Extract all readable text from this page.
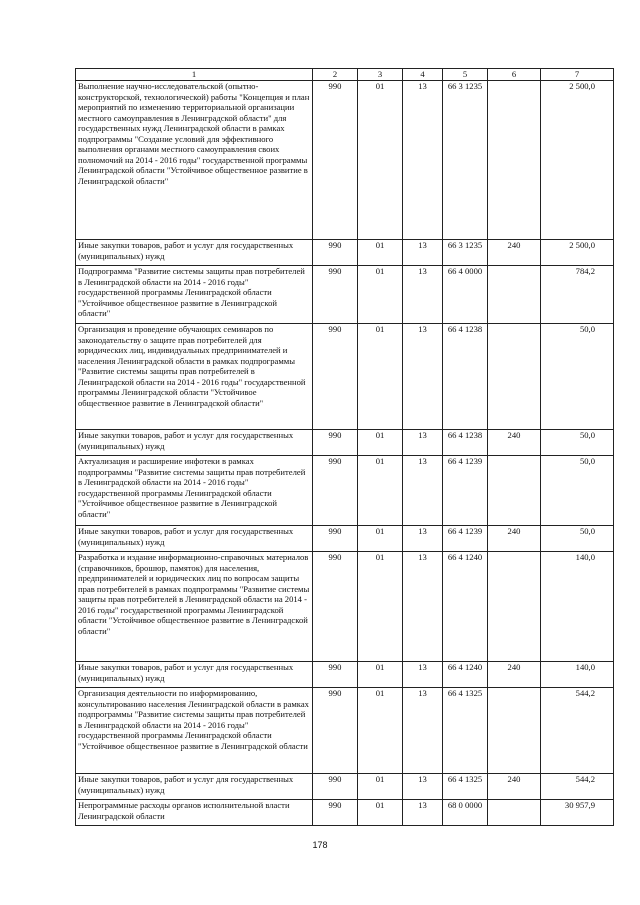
1	2	3	4	5	6	7
Выполнение научно-исследовательской (опытно-конструкторской, технологической) работы "Концепция и план мероприятий по изменению территориальной организации местного самоуправления в Ленинградской области" для государственных нужд Ленинградской области в рамках подпрограммы "Создание условий для эффективного выполнения органами местного самоуправления своих полномочий на 2014 - 2016 годы" государственной программы Ленинградской области "Устойчивое общественное развитие в Ленинградской области"	990	01	13	66 3 1235		2 500,0
Иные закупки товаров, работ и услуг для государственных (муниципальных) нужд	990	01	13	66 3 1235	240	2 500,0
Подпрограмма "Развитие системы защиты прав потребителей в Ленинградской области на 2014 - 2016 годы" государственной программы Ленинградской области "Устойчивое общественное развитие в Ленинградской области"	990	01	13	66 4 0000		784,2
Организация и проведение обучающих семинаров по законодательству о защите прав потребителей для юридических лиц, индивидуальных предпринимателей и населения Ленинградской области в рамках подпрограммы "Развитие системы защиты прав потребителей в Ленинградской области на 2014 - 2016 годы" государственной программы Ленинградской области "Устойчивое общественное развитие в Ленинградской области"	990	01	13	66 4 1238		50,0
Иные закупки товаров, работ и услуг для государственных (муниципальных) нужд	990	01	13	66 4 1238	240	50,0
Актуализация и расширение инфотеки в рамках подпрограммы "Развитие системы защиты прав потребителей в Ленинградской области на 2014 - 2016 годы" государственной программы Ленинградской области "Устойчивое общественное развитие в Ленинградской области"	990	01	13	66 4 1239		50,0
Иные закупки товаров, работ и услуг для государственных (муниципальных) нужд	990	01	13	66 4 1239	240	50,0
Разработка и издание информационно-справочных материалов (справочников, брошюр, памяток) для населения, предпринимателей и юридических лиц по вопросам защиты прав потребителей в рамках подпрограммы "Развитие системы защиты прав потребителей в Ленинградской области на 2014 - 2016 годы" государственной программы Ленинградской области "Устойчивое общественное развитие в Ленинградской области"	990	01	13	66 4 1240		140,0
Иные закупки товаров, работ и услуг для государственных (муниципальных) нужд	990	01	13	66 4 1240	240	140,0
Организация деятельности по информированию, консультированию населения Ленинградской области в рамках подпрограммы "Развитие системы защиты прав потребителей в Ленинградской области на 2014 - 2016 годы" государственной программы Ленинградской области "Устойчивое общественное развитие в Ленинградской области	990	01	13	66 4 1325		544,2
Иные закупки товаров, работ и услуг для государственных (муниципальных) нужд	990	01	13	66 4 1325	240	544,2
Непрограммные расходы органов исполнительной власти Ленинградской области	990	01	13	68 0 0000		30 957,9
178
